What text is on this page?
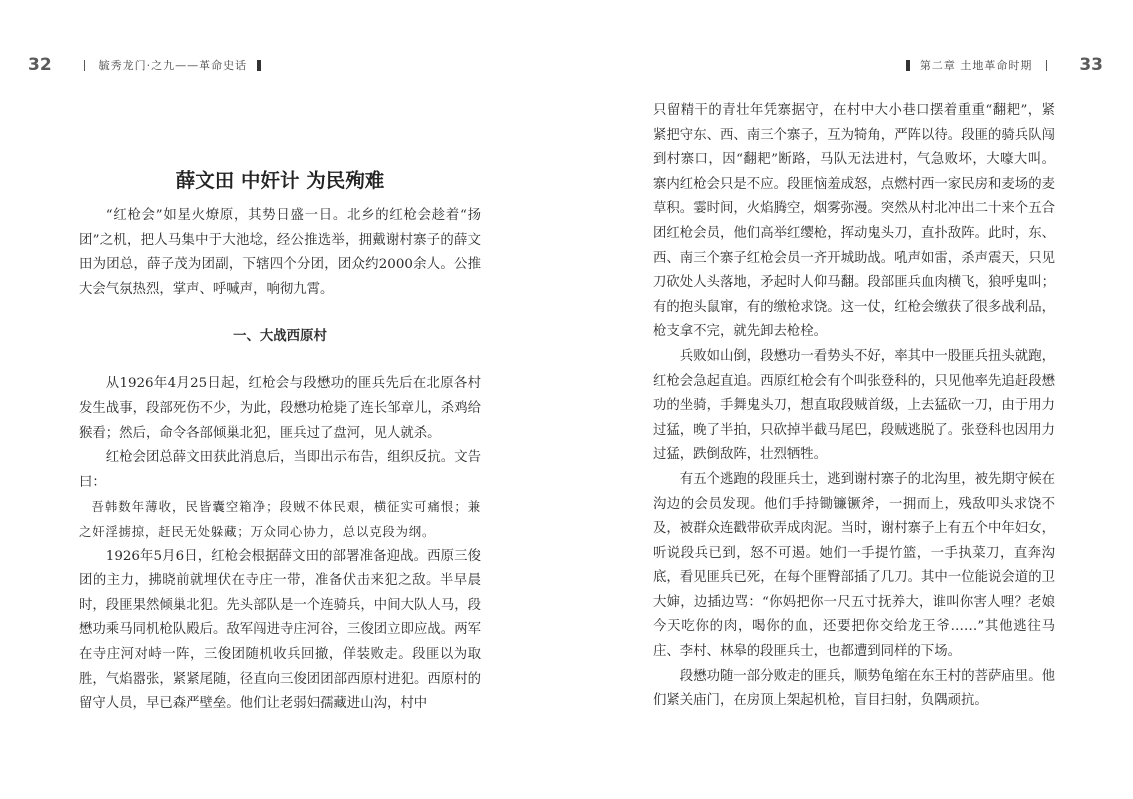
32	毓秀龙门·之九——革命史话	第二章 土地革命时期	33
薛文田 中奸计 为民殉难

“红枪会”如星火燎原，其势日盛一日。北乡的红枪会趁着“扬团”之机，把人马集中于大池埝，经公推选举，拥戴谢村寨子的薛文田为团总，薛子茂为团副，下辖四个分团，团众约2000余人。公推大会气氛热烈，掌声、呼喊声，响彻九霄。

一、大战西原村

从1926年4月25日起，红枪会与段懋功的匪兵先后在北原各村发生战事，段部死伤不少，为此，段懋功枪毙了连长邹章儿，杀鸡给猴看；然后，命令各部倾巢北犯，匪兵过了盘河，见人就杀。

红枪会团总薛文田获此消息后，当即出示布告，组织反抗。文告曰：

吾韩数年薄收，民皆囊空箱净；段贼不体民艰，横征实可痛恨；兼之奸淫掳掠，赶民无处躲藏；万众同心协力，总以克段为纲。

1926年5月6日，红枪会根据薛文田的部署准备迎战。西原三俊团的主力，拂晓前就埋伏在寺庄一带，准备伏击来犯之敌。半早晨时，段匪果然倾巢北犯。先头部队是一个连骑兵，中间大队人马，段懋功乘马同机枪队殿后。敌军闯进寺庄河谷，三俊团立即应战。两军在寺庄河对峙一阵，三俊团随机收兵回撤，佯装败走。段匪以为取胜，气焰嚣张，紧紧尾随，径直向三俊团团部西原村进犯。西原村的留守人员，早已森严壁垒。他们让老弱妇孺藏进山沟，村中

只留精干的青壮年凭寨据守，在村中大小巷口摆着重重“翻耙”，紧紧把守东、西、南三个寨子，互为犄角，严阵以待。段匪的骑兵队闯到村寨口，因“翻耙”断路，马队无法进村，气急败坏，大嚎大叫。寨内红枪会只是不应。段匪恼羞成怒，点燃村西一家民房和麦场的麦草积。霎时间，火焰腾空，烟雾弥漫。突然从村北冲出二十来个五合团红枪会员，他们高举红缨枪，挥动鬼头刀，直扑敌阵。此时，东、西、南三个寨子红枪会员一齐开城助战。吼声如雷，杀声震天，只见刀砍处人头落地，矛起时人仰马翻。段部匪兵血肉横飞，狼呼鬼叫；有的抱头鼠窜，有的缴枪求饶。这一仗，红枪会缴获了很多战利品，枪支拿不完，就先卸去枪栓。

兵败如山倒，段懋功一看势头不好，率其中一股匪兵扭头就跑，红枪会急起直追。西原红枪会有个叫张登科的，只见他率先追赶段懋功的坐骑，手舞鬼头刀，想直取段贼首级，上去猛砍一刀，由于用力过猛，晚了半拍，只砍掉半截马尾巴，段贼逃脱了。张登科也因用力过猛，跌倒敌阵，壮烈牺牲。

有五个逃跑的段匪兵士，逃到谢村寨子的北沟里，被先期守候在沟边的会员发现。他们手持锄镰镢斧，一拥而上，残敌叩头求饶不及，被群众连戳带砍弄成肉泥。当时，谢村寨子上有五个中年妇女，听说段兵已到，怒不可遏。她们一手提竹篮，一手执菜刀，直奔沟底，看见匪兵已死，在每个匪臀部插了几刀。其中一位能说会道的卫大婶，边插边骂：“你妈把你一尺五寸抚养大，谁叫你害人哩？老娘今天吃你的肉，喝你的血，还要把你交给龙王爷……”其他逃往马庄、李村、林皋的段匪兵士，也都遭到同样的下场。

段懋功随一部分败走的匪兵，顺势龟缩在东王村的菩萨庙里。他们紧关庙门，在房顶上架起机枪，盲目扫射，负隅顽抗。
